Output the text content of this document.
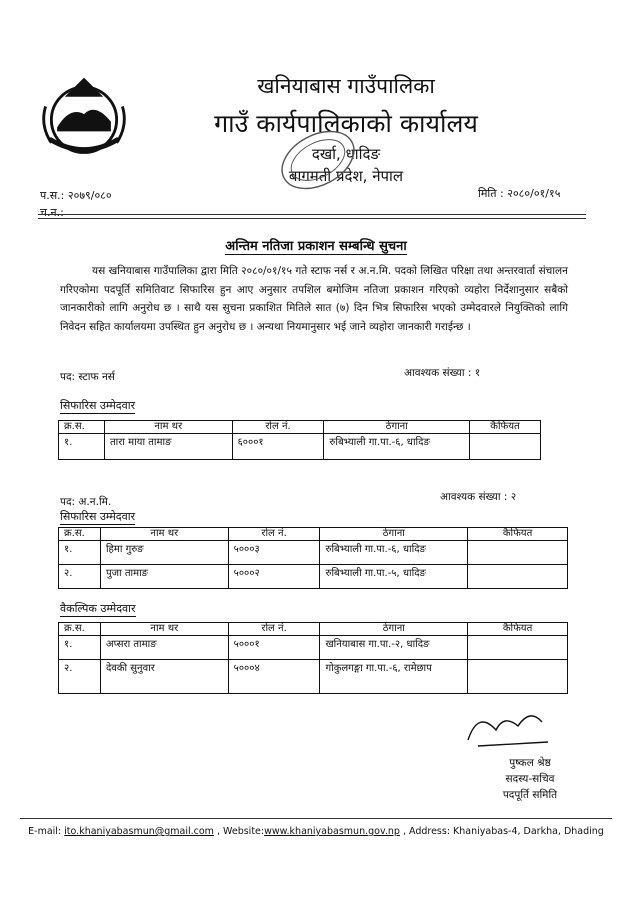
खनियाबास गाउँपालिका
गाउँ कार्यपालिकाको कार्यालय
दर्खा, धादिङ
बागमती प्रदेश, नेपाल
प.स.: २०७९/०८०
च.न.:
मिति : २०८०/०१/१५
अन्तिम नतिजा प्रकाशन सम्बन्धि सुचना
यस खनियाबास गाउँपालिका द्वारा मिति २०८०/०१/१५ गते स्टाफ नर्स र अ.न.मि. पदको लिखित परिक्षा तथा अन्तरवार्ता संचालन गरिएकोमा पदपूर्ति समितिवाट सिफारिस हुन आए अनुसार तपशिल बमोजिम नतिजा प्रकाशन गरिएको व्यहोरा निर्देशानुसार सबैको जानकारीको लागि अनुरोध छ । साथै यस सुचना प्रकाशित मितिले सात (७) दिन भित्र सिफारिस भएको उम्मेदवारले नियुक्तिको लागि निवेदन सहित कार्यालयमा उपस्थित हुन अनुरोध छ । अन्यथा नियमानुसार भई जाने व्यहोरा जानकारी गराईन्छ ।
पद: स्टाफ नर्स	आवश्यक संख्या : १
सिफारिस उम्मेदवार
क्र.स.	नाम थर	रोल नं.	ठेगाना	कैफियत
१.	तारा माया तामाङ	६०००१	रुबिभ्याली गा.पा.-६, धादिङ	
पद: अ.न.मि.	आवश्यक संख्या : २
सिफारिस उम्मेदवार
क्र.स.	नाम थर	रोल नं.	ठेगाना	कैफियत
१.	हिमा गुरुङ	५०००३	रुबिभ्याली गा.पा.-६, धादिङ	
२.	पुजा तामाङ	५०००२	रुबिभ्याली गा.पा.-५, धादिङ	
वैकल्पिक उम्मेदवार
क्र.स.	नाम थर	रोल नं.	ठेगाना	कैफियत
१.	अप्सरा तामाङ	५०००१	खनियाबास गा.पा.-२, धादिङ	
२.	देवकी सुनुवार	५०००४	गोकुलगङ्गा गा.पा.-६, रामेछाप	
पुष्कल श्रेष्ठ
सदस्य-सचिव
पदपूर्ति समिति
E-mail: ito.khaniyabasmun@gmail.com , Website:www.khaniyabasmun.gov.np , Address: Khaniyabas-4, Darkha, Dhading
